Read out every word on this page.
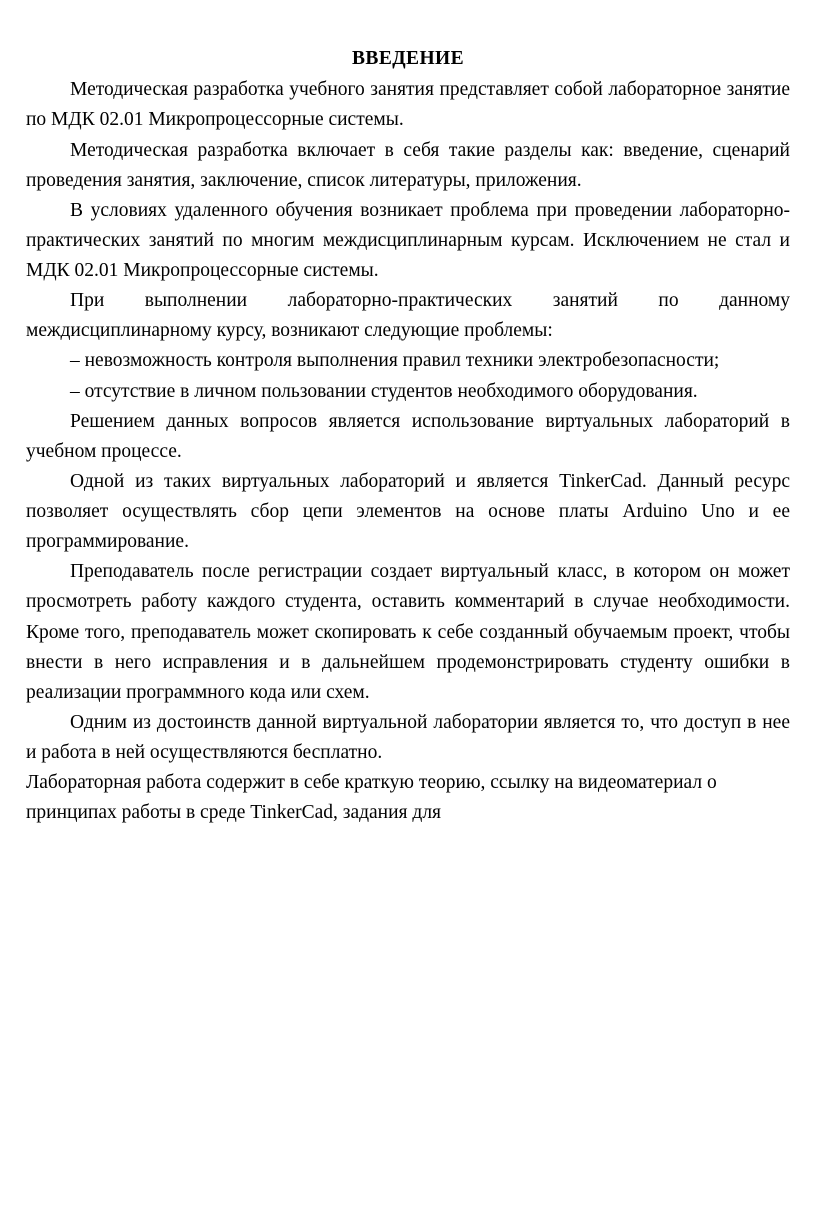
ВВЕДЕНИЕ

Методическая разработка учебного занятия представляет собой лабораторное занятие по МДК 02.01 Микропроцессорные системы.

Методическая разработка включает в себя такие разделы как: введение, сценарий проведения занятия, заключение, список литературы, приложения.

В условиях удаленного обучения возникает проблема при проведении лабораторно-практических занятий по многим междисциплинарным курсам. Исключением не стал и МДК 02.01 Микропроцессорные системы.

При выполнении лабораторно-практических занятий по данному междисциплинарному курсу, возникают следующие проблемы:

– невозможность контроля выполнения правил техники электробезопасности;

– отсутствие в личном пользовании студентов необходимого оборудования.

Решением данных вопросов является использование виртуальных лабораторий в учебном процессе.

Одной из таких виртуальных лабораторий и является TinkerCad. Данный ресурс позволяет осуществлять сбор цепи элементов на основе платы Arduino Uno и ее программирование.

Преподаватель после регистрации создает виртуальный класс, в котором он может просмотреть работу каждого студента, оставить комментарий в случае необходимости. Кроме того, преподаватель может скопировать к себе созданный обучаемым проект, чтобы внести в него исправления и в дальнейшем продемонстрировать студенту ошибки в реализации программного кода или схем.

Одним из достоинств данной виртуальной лаборатории является то, что доступ в нее и работа в ней осуществляются бесплатно.

Лабораторная работа содержит в себе краткую теорию, ссылку на видеоматериал о принципах работы в среде TinkerCad, задания для
